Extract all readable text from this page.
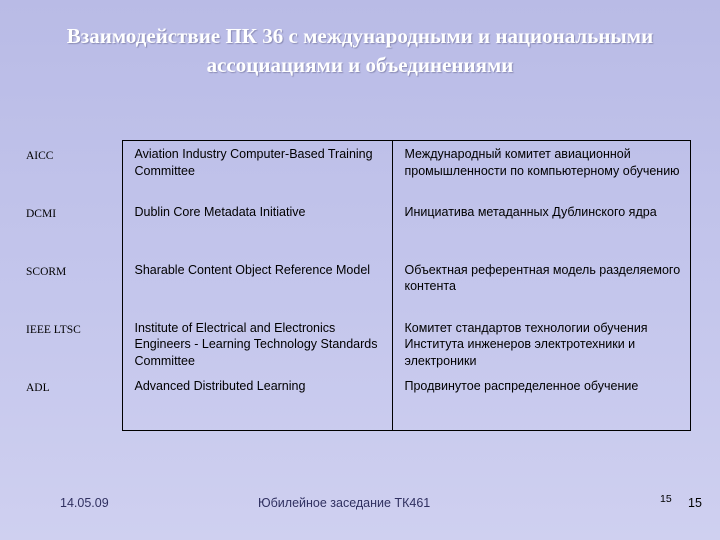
Взаимодействие ПК 36 с международными и национальными
ассоциациями и объединениями
AICC	Aviation Industry Computer-Based Training Committee	Международный комитет авиационной промышленности по компьютерному обучению
DCMI	Dublin Core Metadata Initiative	Инициатива метаданных Дублинского ядра
SCORM	Sharable Content Object Reference Model	Объектная референтная модель разделяемого контента
IEEE LTSC	Institute of Electrical and Electronics Engineers - Learning Technology Standards Committee	Комитет стандартов технологии обучения Института инженеров электротехники и электроники
ADL	Advanced Distributed Learning	Продвинутое распределенное обучение
14.05.09	Юбилейное заседание ТК461	15 15
